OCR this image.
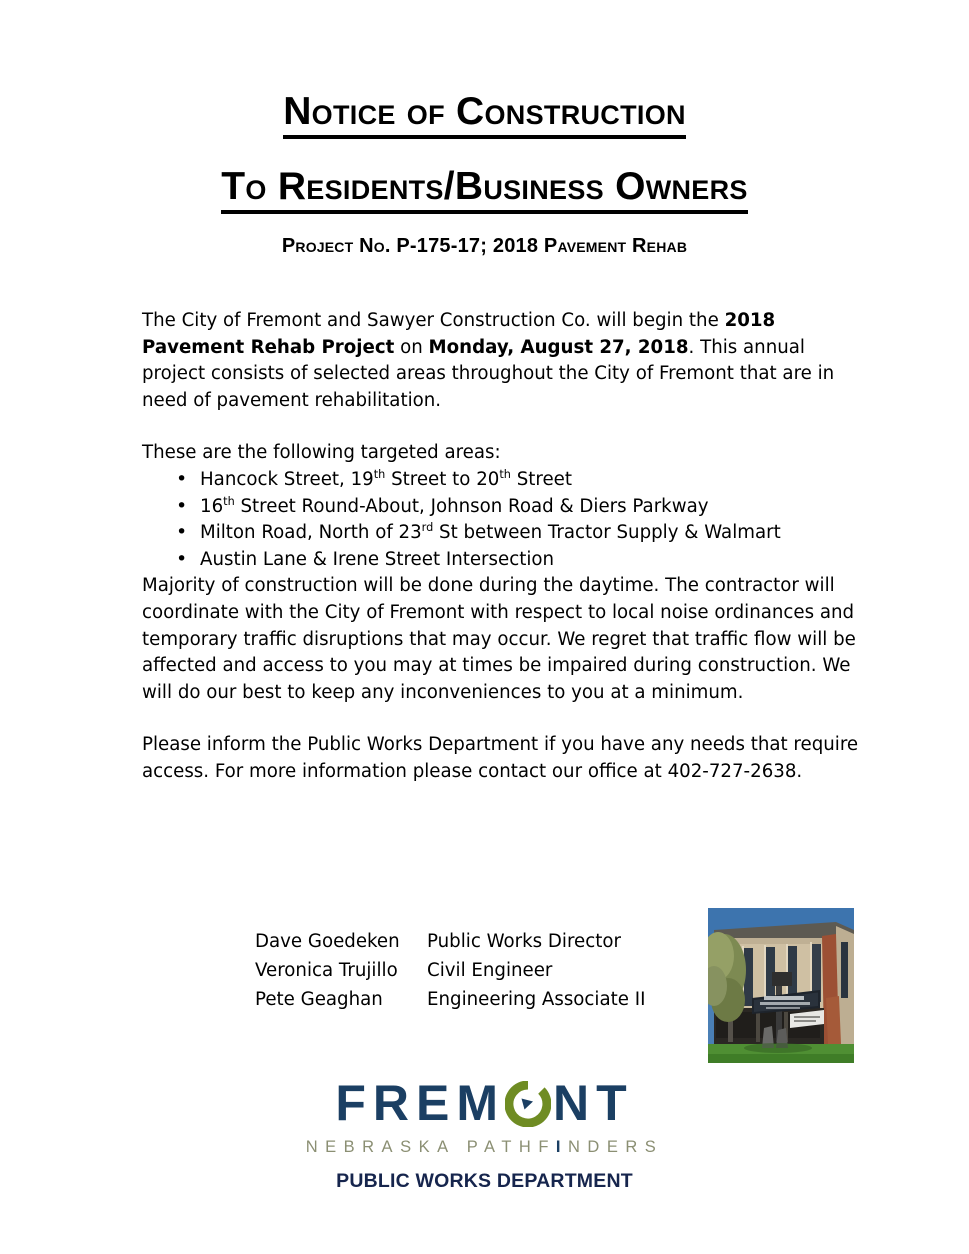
Notice of Construction
To Residents/Business Owners
Project No. P-175-17; 2018 Pavement Rehab

The City of Fremont and Sawyer Construction Co. will begin the 2018 Pavement Rehab Project on Monday, August 27, 2018. This annual project consists of selected areas throughout the City of Fremont that are in need of pavement rehabilitation.

These are the following targeted areas:

• Hancock Street, 19th Street to 20th Street
• 16th Street Round-About, Johnson Road & Diers Parkway
• Milton Road, North of 23rd St between Tractor Supply & Walmart
• Austin Lane & Irene Street Intersection

Majority of construction will be done during the daytime. The contractor will coordinate with the City of Fremont with respect to local noise ordinances and temporary traffic disruptions that may occur. We regret that traffic flow will be affected and access to you may at times be impaired during construction. We will do our best to keep any inconveniences to you at a minimum.

Please inform the Public Works Department if you have any needs that require access. For more information please contact our office at 402-727-2638.

Dave Goedeken Public Works Director
Veronica Trujillo Civil Engineer
Pete Geaghan Engineering Associate II
FREM NT
NEBRASKA PATHFINDERS
PUBLIC WORKS DEPARTMENT
